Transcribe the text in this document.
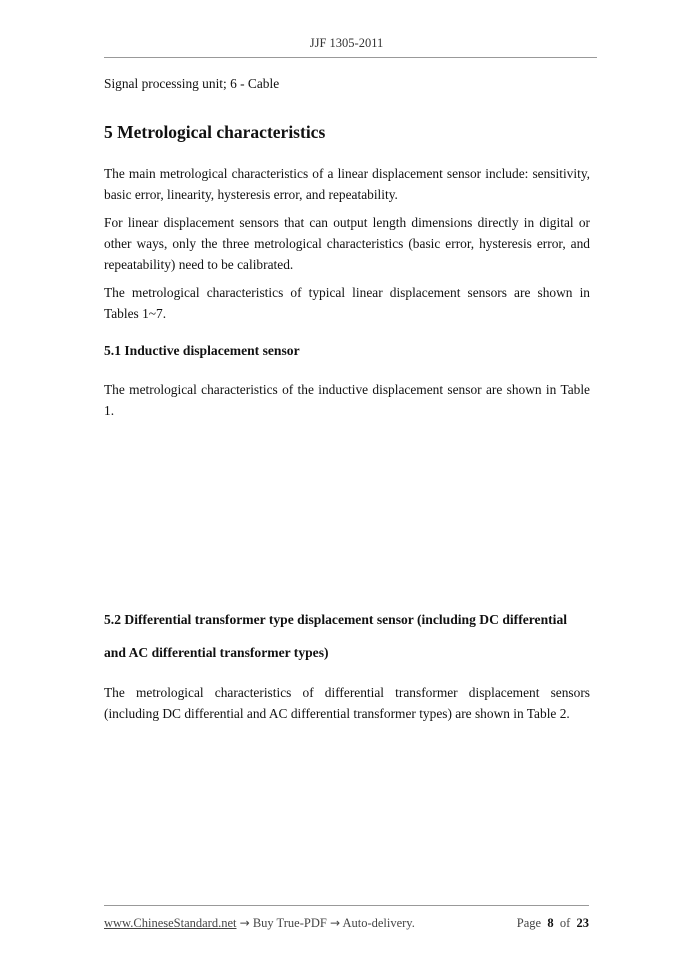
JJF 1305-2011

Signal processing unit; 6 - Cable

5 Metrological characteristics

The main metrological characteristics of a linear displacement sensor include: sensitivity, basic error, linearity, hysteresis error, and repeatability.

For linear displacement sensors that can output length dimensions directly in digital or other ways, only the three metrological characteristics (basic error, hysteresis error, and repeatability) need to be calibrated.

The metrological characteristics of typical linear displacement sensors are shown in Tables 1~7.

5.1 Inductive displacement sensor

The metrological characteristics of the inductive displacement sensor are shown in Table 1.

5.2 Differential transformer type displacement sensor (including DC differential
and AC differential transformer types)

The metrological characteristics of differential transformer displacement sensors (including DC differential and AC differential transformer types) are shown in Table 2.

www.ChineseStandard.net → Buy True-PDF → Auto-delivery.	Page 8 of 23
